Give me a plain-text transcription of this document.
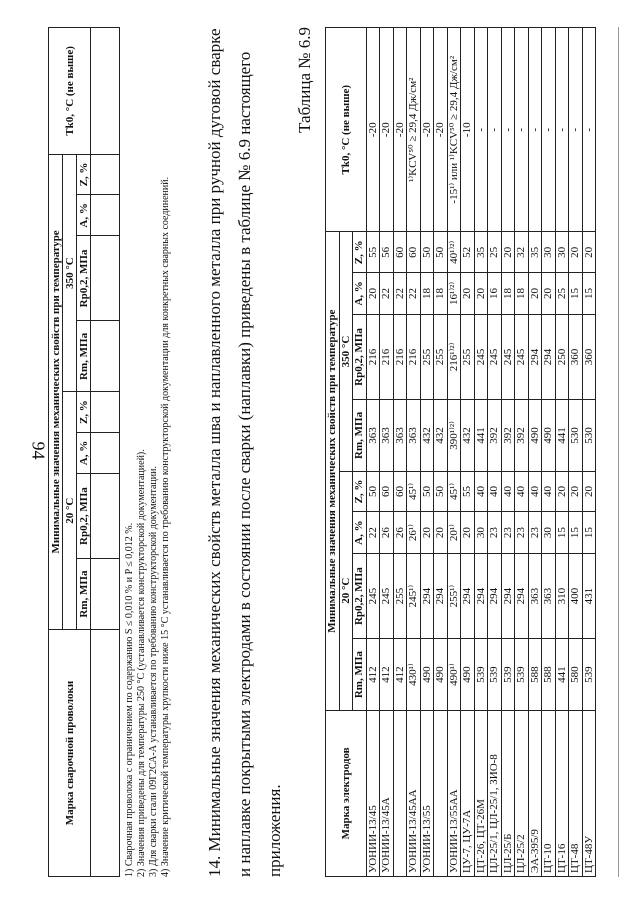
94
Марка сварочной проволоки	Минимальные значения механических свойств при температуре								Tk0, °С (не выше)
	20 °С				350 °С				
	Rm, МПа	Rp0,2, МПа	A, %	Z, %	Rm, МПа	Rp0,2, МПа	A, %	Z, %	

1) Сварочная проволока с ограничением по содержанию S ≤ 0,010 % и P ≤ 0,012 %. 2) Значения приведены для температуры 250 °С (устанавливается конструкторской документацией). 3) Для сварки стали 09Г2СА-А устанавливается по требованию конструкторской документации. 4) Значение критической температуры хрупкости ниже 15 °С устанавливается по требованию конструкторской документации для конкретных сварных соединений. 14. Минимальные значения механических свойств металла шва и наплавленного металла при ручной дуговой сварке и наплавке покрытыми электродами в состоянии после сварки (наплавки) приведены в таблице № 6.9 настоящего приложения.
Таблица № 6.9
Марка электродов	Минимальные значения механических свойств при температуре								Tk0, °С (не выше)
	20 °С				350 °С				
	Rm, МПа	Rp0,2, МПа	A, %	Z, %	Rm, МПа	Rp0,2, МПа	A, %	Z, %	
УОНИИ-13/45	412	245	22	50	363	216	20	55	-20
УОНИИ-13/45А	412	245	26	60	363	216	22	56	-20
	412	255	26	60	363	216	22	60	-20
УОНИИ-13/45АА	430¹⁾	245¹⁾	26¹⁾	45¹⁾	363	216	22	60	¹⁾KCV⁵⁰ ≥ 29,4 Дж/см²
УОНИИ-13/55	490	294	20	50	432	255	18	50	-20
	490	294	20	50	432	255	18	50	-20
УОНИИ-13/55АА	490¹⁾	255¹⁾	20¹⁾	45¹⁾	390¹⁾²⁾	216¹⁾²⁾	16¹⁾²⁾	40¹⁾²⁾	-15¹⁾ или ¹⁾KCV⁵⁰ ≥ 29,4 Дж/см²
ЦУ-7, ЦУ-7А	490	294	20	55	432	255	20	52	-10
ЦТ-26, ЦТ-26М	539	294	30	40	441	245	20	35	-
ЦЛ-25/1, ЦЛ-25/1, ЗИО-8	539	294	23	40	392	245	16	25	-
ЦЛ-25/Б	539	294	23	40	392	245	18	20	-
ЦЛ-25/2	539	294	23	40	392	245	18	32	-
ЭА-395/9	588	363	23	40	490	294	20	35	-
ЦТ-10	588	363	30	40	490	294	20	30	-
ЦТ-16	441	310	15	20	441	250	25	30	-
ЦТ-48	580	400	15	20	530	360	15	20	-
ЦТ-48У	539	431	15	20	530	360	15	20	-
